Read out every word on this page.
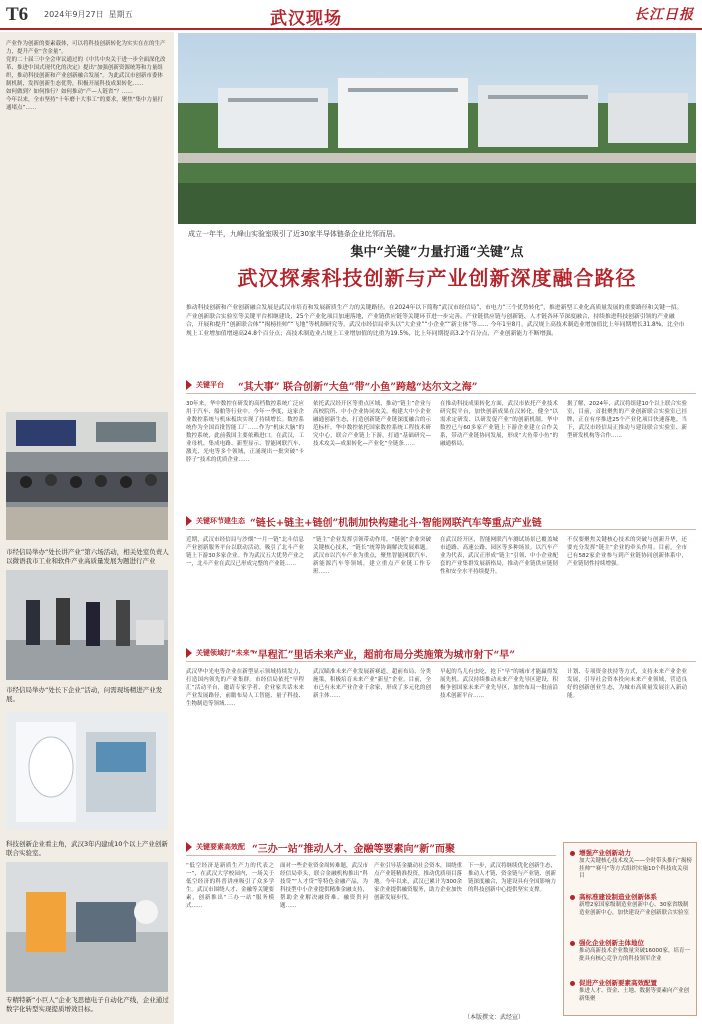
T6 2024年9月27日 星期五	武汉现场	长江日报
产业作为创新的要素载体，可以将科技创新转化为实实在在的生产力，提升产业“含金量”。
党的二十届三中全会审议通过的《中共中央关于进一步全面深化改革、推进中国式现代化的决定》提出“加强创新资源统筹和力量组织，推动科技创新和产业创新融合发展”。为此武汉市创新市委体制机制，发挥创新生态优势，积极开展科技成果转化……
如何做到？如何推行？如何推动“产—人链省”？……
今年以来，全市坚持“十年磨十大事工”的要求，聚焦“集中力量打通堵点”……
市经信局举办“处长讲产业”第六场活动，相关处室负责人以微语我市工业和软件产业高质量发展为题进行产业
市经信局举办“处长下企业”活动，问需现场精进产业发展。
科技创新企业看主角，武汉3年内建成10个以上产业创新联合实验室。
专精特新“小巨人”企业飞思德电子自动化产线，企业通过数字化转型实现提质增效目标。
成立一年半，九峰山实验室吸引了近30家半导体链条企业比邻而居。
集中“关键”力量打通“关键”点
武汉探索科技创新与产业创新深度融合路径
推动科技创新和产业创新融合发展是武汉市培育和发展新质生产力的关键路径。在2024年以下简称“武汉市经信局”、市电力“三个优势转化”，推进新型工业化高质量发展的重要路径和关键一招。产业创新联合实验室等关键平台相继建设，25个产业化项目加速落地，产业链供应链等关键环节进一步完善。产业链供应链与创新链、人才链各环节深度融合，持续推进科技创新引领的产业融合，开展和提升“创新联合体”“揭榜挂帅”“飞地”等机制研究等，武汉市经信局牵头以“大企业”“小企业”“新主体”等…… 今年1至8月，武汉规上高技术制造业增加值比上年同期增长31.8%，比全市规上工业增加值增速高24.8个百分点；高技术制造业占规上工业增加值的比重为19.5%，比上年同期提高3.2个百分点，产业创新能力不断增强。
关键平台 “其大事” 联合创新“大鱼”带“小鱼”跨越“达尔文之海”
30年来，华中数控在研发的高档数控系统广泛应用于汽车、船舶等行业中。今年一季度，这家企业数控系统与机床板块实现了持续增长。数控系统作为全国首批智能工厂……作为“机床大脑”的数控系统，此前我国主要依赖进口。在武汉，工业母机、集成电路、新型显示、智能网联汽车、激光、光电等多个领域，正涌现出一批突破“卡脖子”技术的优质企业……
依托武汉经开区等重点区域，推动“链主”企业与高校院所、中小企业协同攻关，构建大中小企业融通创新生态，打造创新链产业链深度融合的示范标杆。华中数控依托国家数控系统工程技术研究中心，联合产业链上下游，打通“基础研究—技术攻关—成果转化—产业化”全链条……
在推动科技成果转化方面，武汉市依托产业技术研究院平台，加快创新成果在汉转化，健全“以需求定研发、以研发促产业”的创新机制。华中数控已与60多家产业链上下游企业建立合作关系，带动产业链协同发展，形成“大鱼带小鱼”的融通格局。
据了解，2024年，武汉将组建10个以上联合实验室，目前，首批聚焦的产业创新联合实验室已挂牌，正在有序推进25个产业化项目快速落地。当下，武汉市经信局正推动与建设联合实验室、新型研发机构等合作……
关键环节建生态 “链长+链主+链创”机制加快构建北斗·智能网联汽车等重点产业链
近期，武汉市经信局与沙烟“一月一链”北斗信息产业创新服务平台以联动活动，吸引了北斗产业链上下游30多家企业。作为武汉五大优势产业之一，北斗产业在武汉已形成完整的产业链……
“链主”企业发挥引领带动作用，“链创”企业突破关键核心技术，“链长”统筹协调解决发展难题。武汉市以汽车产业为重点，聚焦智能网联汽车、新能源汽车等领域，建立重点产业链工作专班……
在武汉经开区，智能网联汽车测试场景已覆盖城市道路、高速公路、园区等多种场景。以汽车产业为代表，武汉正形成“链主”引领、中小企业配套的产业集群发展新格局，推动产业链供应链韧性和安全水平持续提升。
不仅要聚焦关键核心技术的突破与创新升华，还要充分发挥“链主”企业的牵头作用。目前，全市已有582家企业参与到产业链协同创新体系中，产业链韧性持续增强。
关键领域打“未来”
“早程汇”里话未来产业，超前布局分类施策为城市射下“早”
武汉华中光电等企业在新型显示领域持续发力，打造国内领先的产业集群。市经信局依托“早程汇”活动平台，邀请专家学者、企业家共话未来产业发展路径，前瞻布局人工智能、量子科技、生物制造等领域……
武汉瞄准未来产业发展新赛道，超前布局、分类施策，积极培育未来产业“新星”企业。目前，全市已有未来产业企业千余家，形成了多元化的创新主体……
早起的鸟儿有虫吃，抢下“早”的城市才能赢得发展先机。武汉持续推动未来产业先导区建设，积极争创国家未来产业先导区，加快布局一批前沿技术创新平台……
计划、专项资金扶持等方式，支持未来产业企业发展，引导社会资本投向未来产业领域，营造良好的创新创业生态，为城市高质量发展注入新动能。
关键要素高效配 “三办一站”推动人才、金融等要素向“新”而聚
“低空经济是新质生产力的代表之一”，在武汉大学校园内，一场关于低空经济的科普讲座吸引了众多学生。武汉市围绕人才、金融等关键要素，创新推出“三办一站”服务模式……
面对一些企业资金周转难题，武汉市经信局牵头，联合金融机构推出“科技贷”“人才贷”等特色金融产品，为科技型中小企业提供精准金融支持，帮助企业解决融资难、融资贵问题……
产业引导基金撬动社会资本，围绕重点产业链精准投资，推动优质项目落地。今年以来，武汉已累计为300余家企业提供融资服务，助力企业加快创新发展步伐。
下一步，武汉将继续优化创新生态，推动人才链、资金链与产业链、创新链深度融合，为建设具有全国影响力的科技创新中心提供坚实支撑。
增强产业创新动力
加大关键核心技术攻关——全时带头推行“揭榜挂帅”“赛马”等方式组织实施10个科技攻关项目
高标准建设制造业创新体系
新增2家国家级制造业创新中心、30家省级制造业创新中心，加快建设产业创新联合实验室
强化企业创新主体地位
推动高新技术企业数量突破16000家，培育一批具有核心竞争力的科技领军企业
促进产业创新要素高效配置
推进人才、资金、土地、数据等要素向产业创新集聚
（本版撰文：武经宣）
